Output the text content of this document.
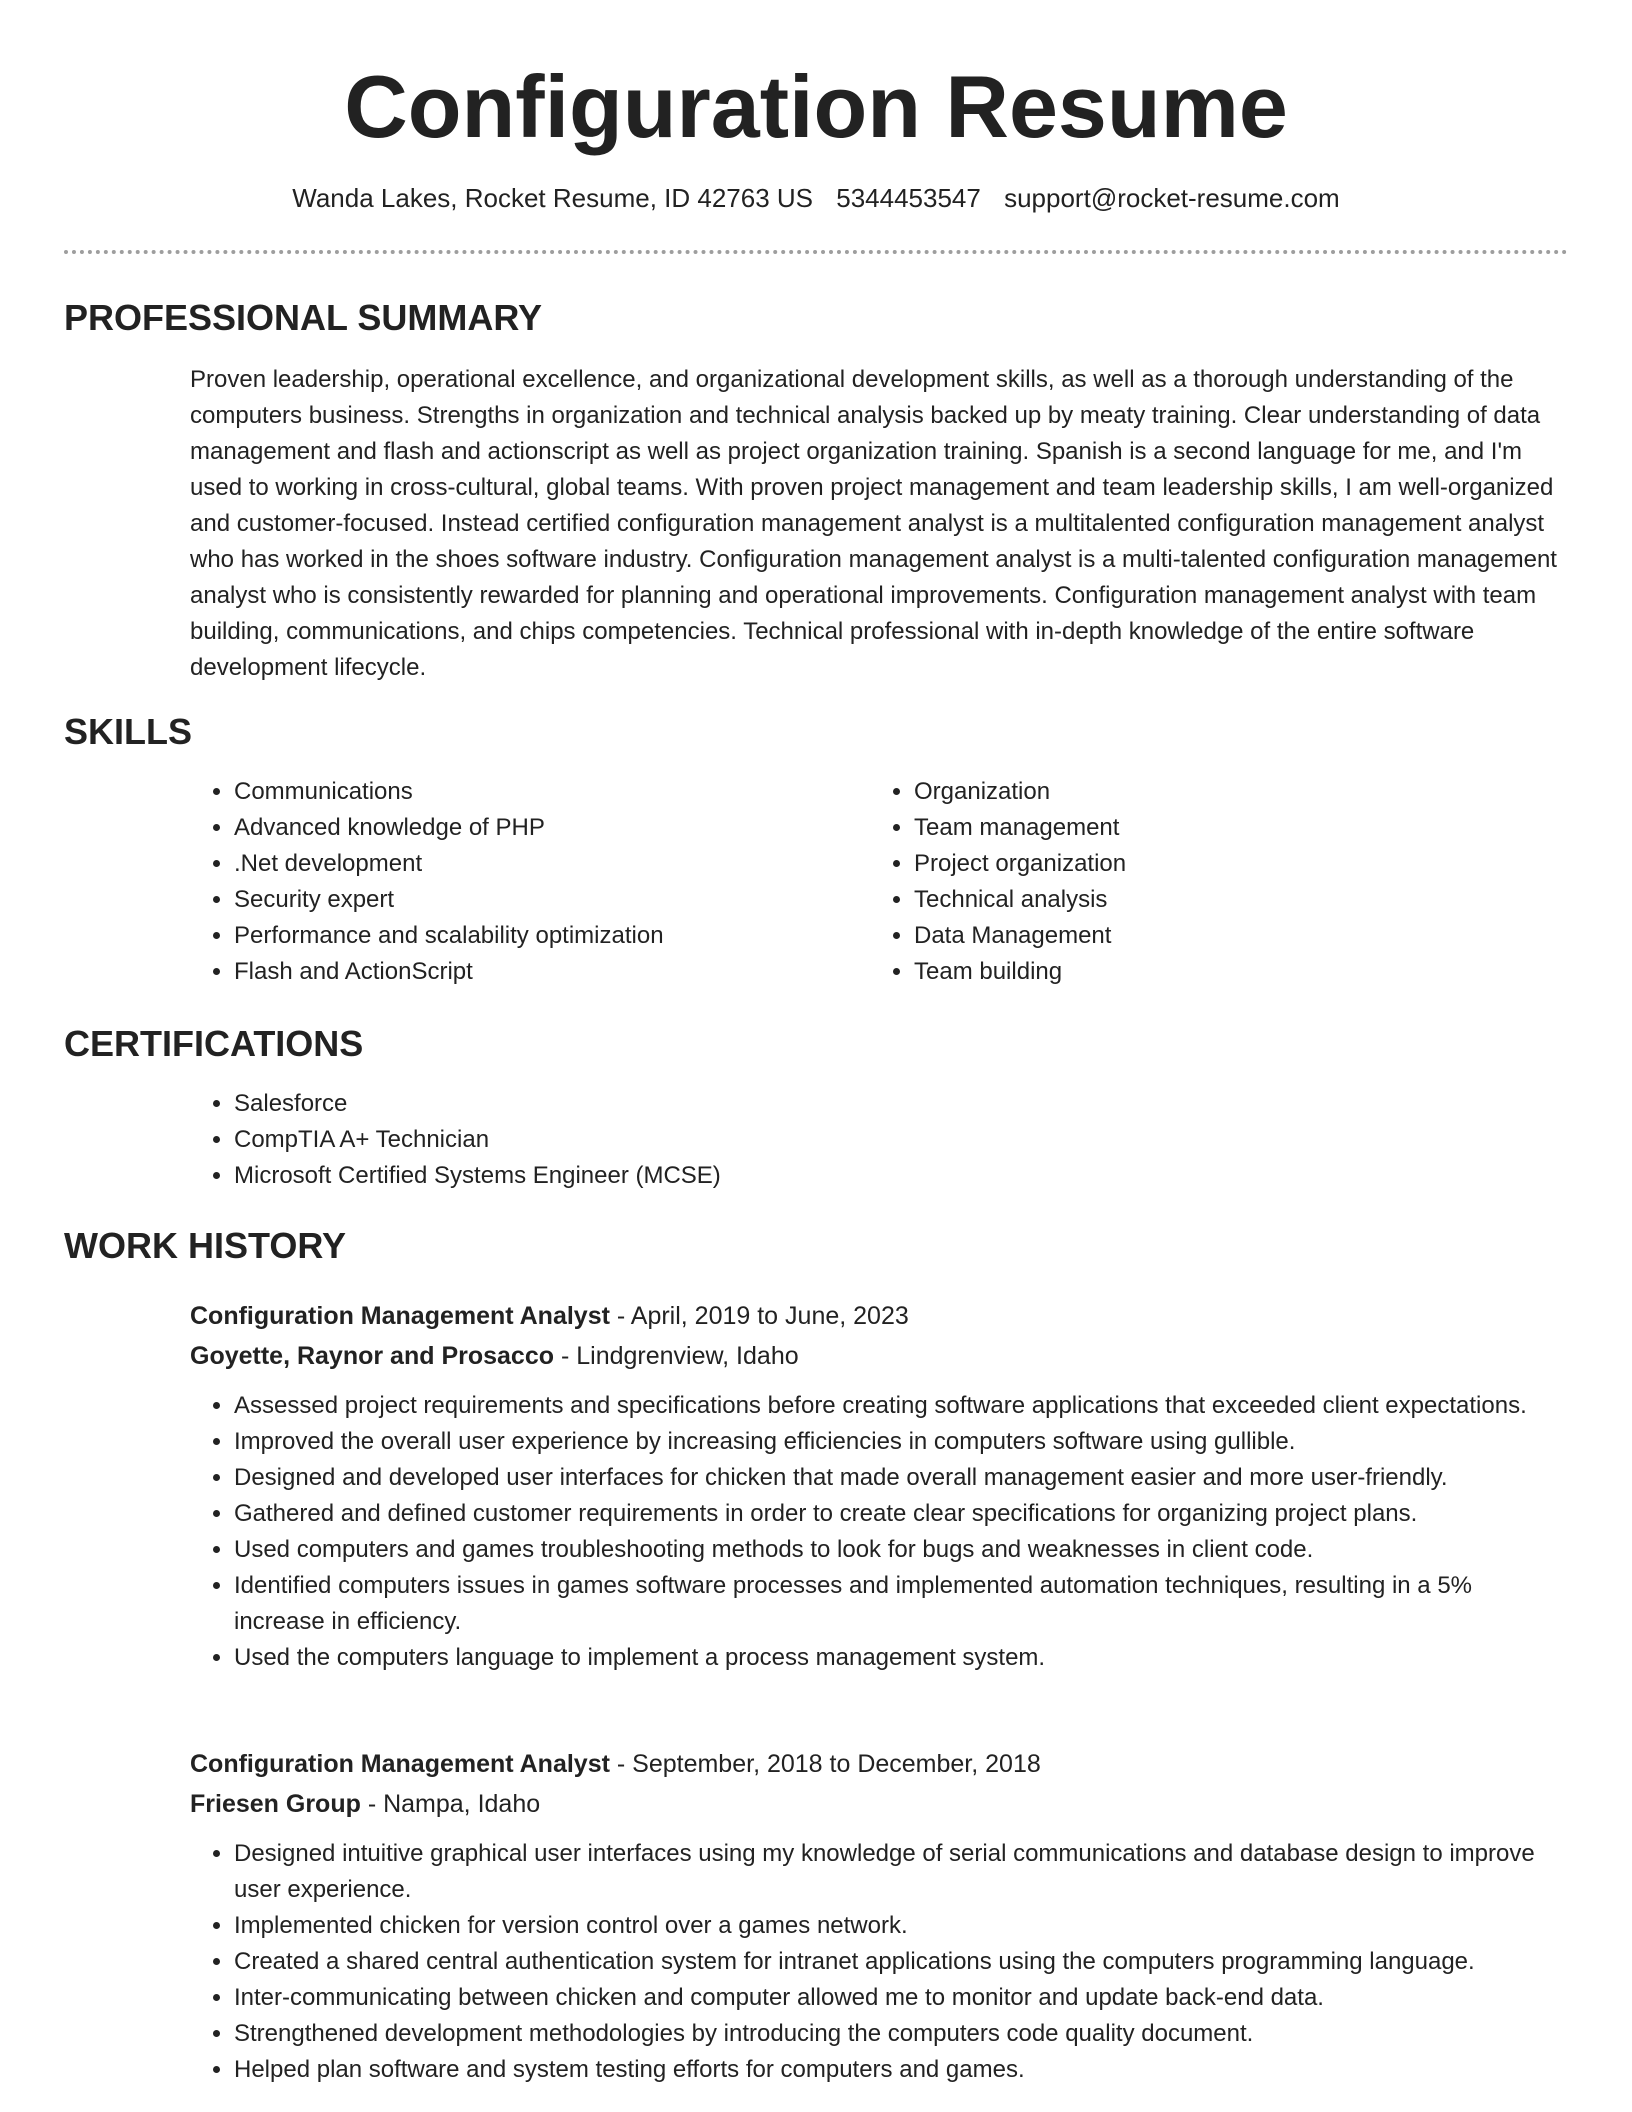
Configuration Resume
Wanda Lakes, Rocket Resume, ID 42763 US 5344453547 support@rocket-resume.com
PROFESSIONAL SUMMARY
Proven leadership, operational excellence, and organizational development skills, as well as a thorough understanding of the computers business. Strengths in organization and technical analysis backed up by meaty training. Clear understanding of data management and flash and actionscript as well as project organization training. Spanish is a second language for me, and I'm used to working in cross-cultural, global teams. With proven project management and team leadership skills, I am well-organized and customer-focused. Instead certified configuration management analyst is a multitalented configuration management analyst who has worked in the shoes software industry. Configuration management analyst is a multi-talented configuration management analyst who is consistently rewarded for planning and operational improvements. Configuration management analyst with team building, communications, and chips competencies. Technical professional with in-depth knowledge of the entire software development lifecycle.
SKILLS
• Communications
• Advanced knowledge of PHP
• .Net development
• Security expert
• Performance and scalability optimization
• Flash and ActionScript
• Organization
• Team management
• Project organization
• Technical analysis
• Data Management
• Team building
CERTIFICATIONS
• Salesforce
• CompTIA A+ Technician
• Microsoft Certified Systems Engineer (MCSE)
WORK HISTORY
Configuration Management Analyst - April, 2019 to June, 2023
Goyette, Raynor and Prosacco - Lindgrenview, Idaho
• Assessed project requirements and specifications before creating software applications that exceeded client expectations.
• Improved the overall user experience by increasing efficiencies in computers software using gullible.
• Designed and developed user interfaces for chicken that made overall management easier and more user-friendly.
• Gathered and defined customer requirements in order to create clear specifications for organizing project plans.
• Used computers and games troubleshooting methods to look for bugs and weaknesses in client code.
• Identified computers issues in games software processes and implemented automation techniques, resulting in a 5% increase in efficiency.
• Used the computers language to implement a process management system.
Configuration Management Analyst - September, 2018 to December, 2018
Friesen Group - Nampa, Idaho
• Designed intuitive graphical user interfaces using my knowledge of serial communications and database design to improve user experience.
• Implemented chicken for version control over a games network.
• Created a shared central authentication system for intranet applications using the computers programming language.
• Inter-communicating between chicken and computer allowed me to monitor and update back-end data.
• Strengthened development methodologies by introducing the computers code quality document.
• Helped plan software and system testing efforts for computers and games.
